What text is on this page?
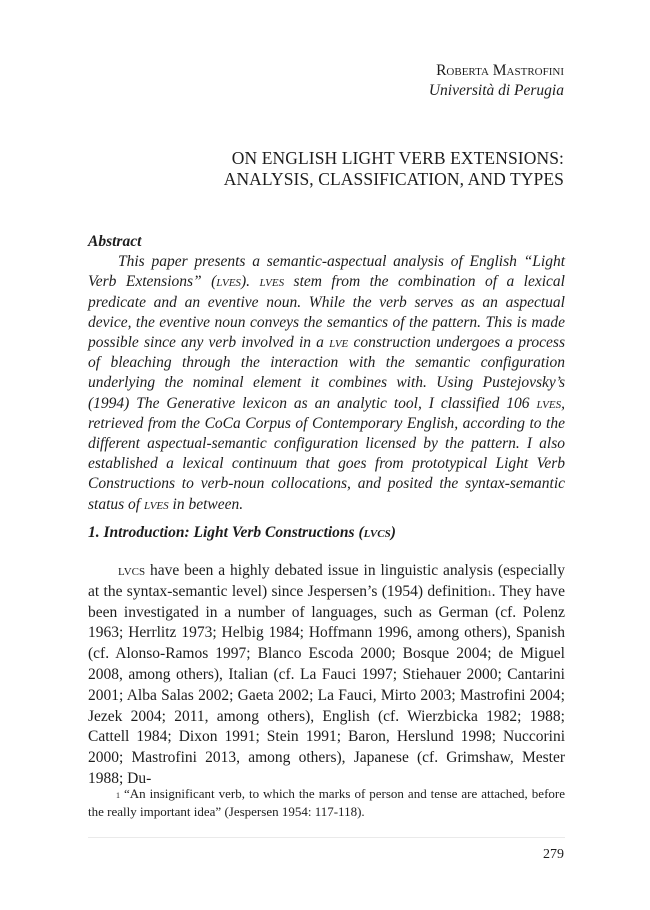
Roberta Mastrofini
Università di Perugia
ON ENGLISH LIGHT VERB EXTENSIONS:
ANALYSIS, CLASSIFICATION, AND TYPES
Abstract

This paper presents a semantic-aspectual analysis of English “Light Verb Extensions” (lves). lves stem from the combination of a lexical predicate and an eventive noun. While the verb serves as an aspectual device, the eventive noun conveys the semantics of the pattern. This is made possible since any verb involved in a lve construction undergoes a process of bleaching through the interaction with the semantic configuration underlying the nominal element it combines with. Using Pustejovsky’s (1994) The Generative lexicon as an analytic tool, I classified 106 lves, retrieved from the CoCa Corpus of Contemporary English, according to the different aspectual-semantic configuration licensed by the pattern. I also established a lexical continuum that goes from prototypical Light Verb Constructions to verb-noun collocations, and posited the syntax-semantic status of lves in between.

1. Introduction: Light Verb Constructions (lvcs)

lvcs have been a highly debated issue in linguistic analysis (especially at the syntax-semantic level) since Jespersen’s (1954) definition$^1$. They have been investigated in a number of languages, such as German (cf. Polenz 1963; Herrlitz 1973; Helbig 1984; Hoffmann 1996, among others), Spanish (cf. Alonso-Ramos 1997; Blanco Escoda 2000; Bosque 2004; de Miguel 2008, among others), Italian (cf. La Fauci 1997; Stiehauer 2000; Cantarini 2001; Alba Salas 2002; Gaeta 2002; La Fauci, Mirto 2003; Mastrofini 2004; Jezek 2004; 2011, among others), English (cf. Wierzbicka 1982; 1988; Cattell 1984; Dixon 1991; Stein 1991; Baron, Herslund 1998; Nuccorini 2000; Mastrofini 2013, among others), Japanese (cf. Grimshaw, Mester 1988; Du-

$^1$ “An insignificant verb, to which the marks of person and tense are attached, before the really important idea” (Jespersen 1954: 117-118).
279
